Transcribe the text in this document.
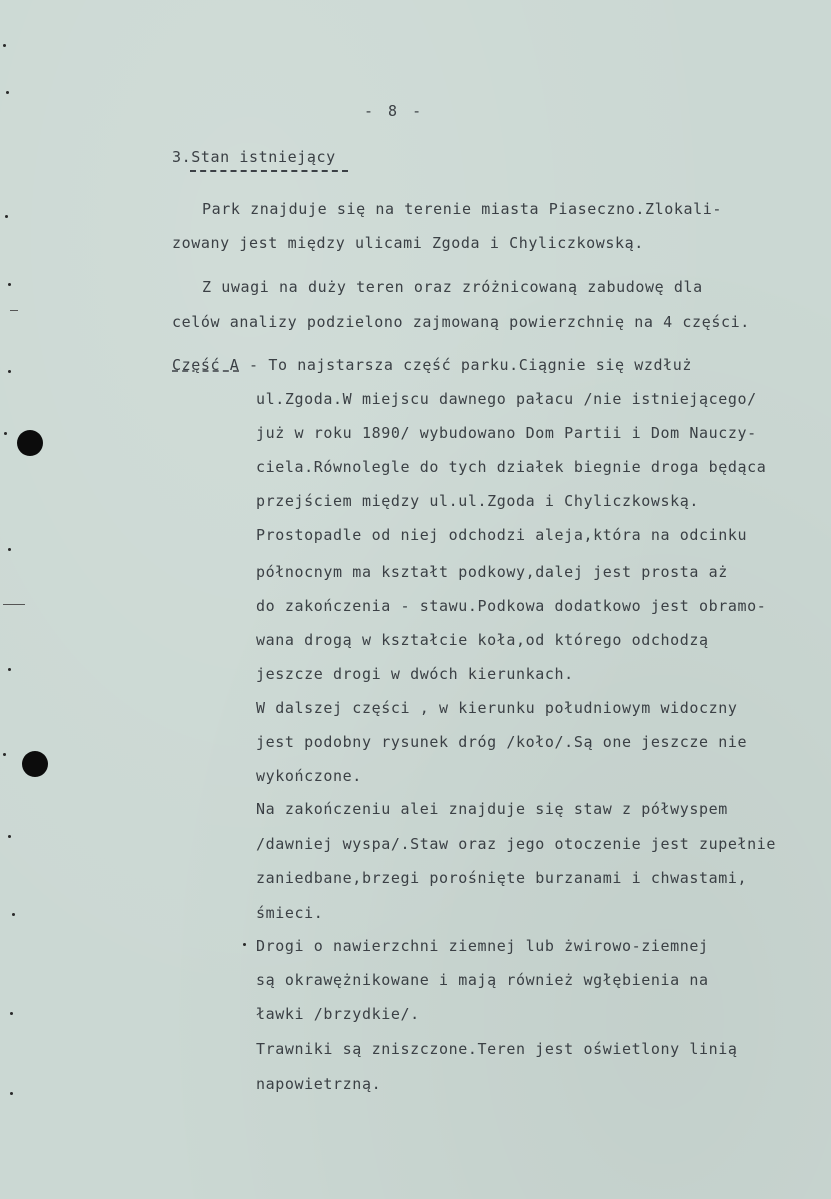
- 8 -
3.Stan istniejący
Park znajduje się na terenie miasta Piaseczno.Zlokali-
zowany jest między ulicami Zgoda i Chyliczkowską.
Z uwagi na duży teren oraz zróżnicowaną zabudowę dla
celów analizy podzielono zajmowaną powierzchnię na 4 części.
Część A - To najstarsza część parku.Ciągnie się wzdłuż
ul.Zgoda.W miejscu dawnego pałacu /nie istniejącego/
już w roku 1890/ wybudowano Dom Partii i Dom Nauczy-
ciela.Równolegle do tych działek biegnie droga będąca
przejściem między ul.ul.Zgoda i Chyliczkowską.
Prostopadle od niej odchodzi aleja,która na odcinku
północnym ma kształt podkowy,dalej jest prosta aż
do zakończenia - stawu.Podkowa dodatkowo jest obramo-
wana drogą w kształcie koła,od którego odchodzą
jeszcze drogi w dwóch kierunkach.
W dalszej części , w kierunku południowym widoczny
jest podobny rysunek dróg /koło/.Są one jeszcze nie
wykończone.
Na zakończeniu alei znajduje się staw z półwyspem
/dawniej wyspa/.Staw oraz jego otoczenie jest zupełnie
zaniedbane,brzegi porośnięte burzanami i chwastami,
śmieci.
Drogi o nawierzchni ziemnej lub żwirowo-ziemnej
są okrawężnikowane i mają również wgłębienia na
ławki /brzydkie/.
Trawniki są zniszczone.Teren jest oświetlony linią
napowietrzną.
